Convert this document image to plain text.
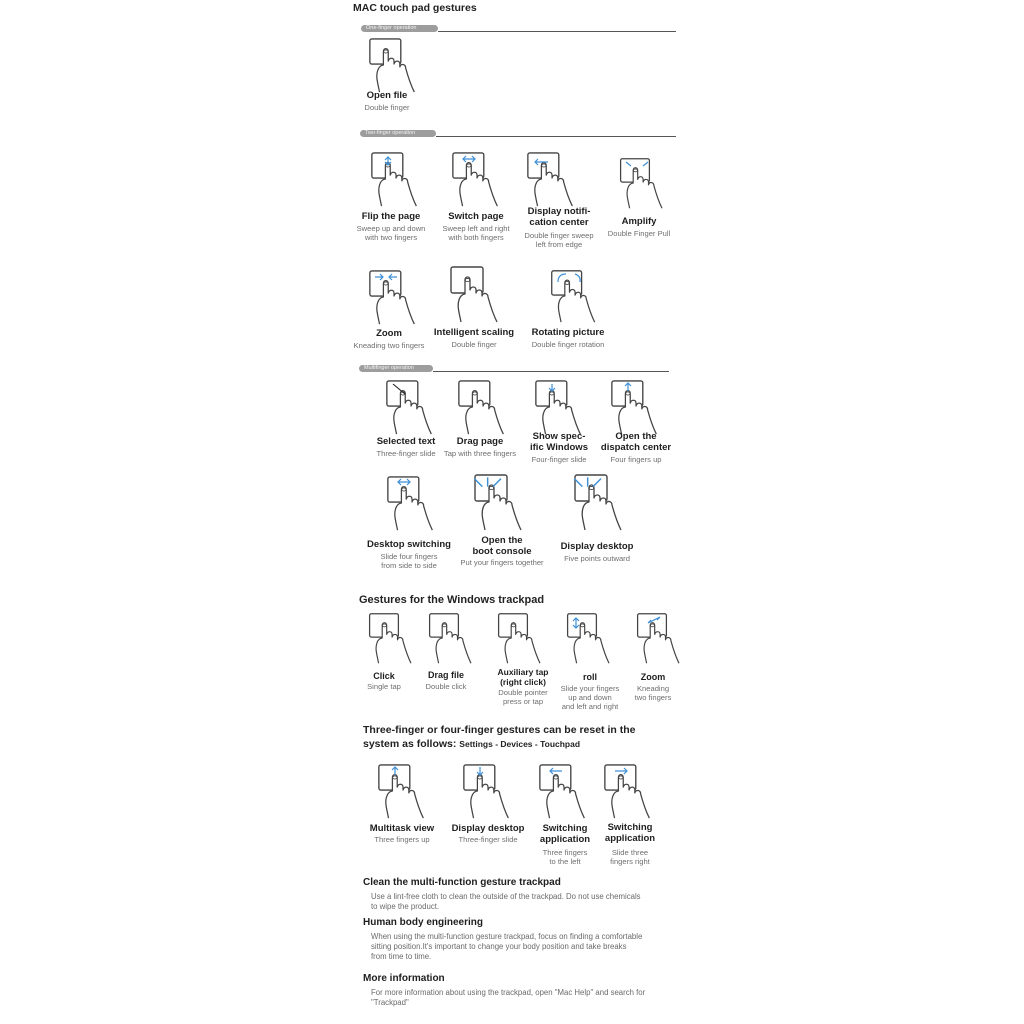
MAC touch pad gestures
One-finger operation
Open file
Double finger
Two-finger operation
Flip the page
Sweep up and down
with two fingers
Switch page
Sweep left and right
with both fingers
Display notifi-
cation center
Double finger sweep
left from edge
Amplify
Double Finger Pull
Zoom
Kneading two fingers
Intelligent scaling
Double finger
Rotating picture
Double finger rotation
Multifinger operation
Selected text
Three-finger slide
Drag page
Tap with three fingers
Show spec-
ific Windows
Four-finger slide
Open the
dispatch center
Four fingers up
Desktop switching
Slide four fingers
from side to side
Open the
boot console
Put your fingers together
Display desktop
Five points outward
Gestures for the Windows trackpad
Click
Single tap
Drag file
Double click
Auxiliary tap
(right click)
Double pointer
press or tap
roll
Slide your fingers
up and down
and left and right
Zoom
Kneading
two fingers
Three-finger or four-finger gestures can be reset in the
system as follows: Settings - Devices - Touchpad
Multitask view
Three fingers up
Display desktop
Three-finger slide
Switching
application
Three fingers
to the left
Switching
application
Slide three
fingers right
Clean the multi-function gesture trackpad
Use a lint-free cloth to clean the outside of the trackpad. Do not use chemicals
to wipe the product.
Human body engineering
When using the multi-function gesture trackpad, focus on finding a comfortable
sitting position.It's important to change your body position and take breaks
from time to time.
More information
For more information about using the trackpad, open "Mac Help" and search for
"Trackpad"
